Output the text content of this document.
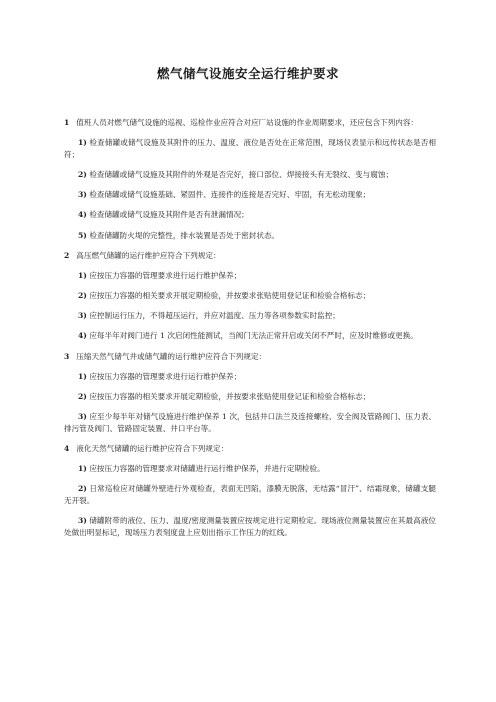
燃气储气设施安全运行维护要求

1 值班人员对燃气储气设施的巡视、巡检作业应符合对应厂站设施的作业周期要求，还应包含下列内容：

1) 检查储罐或储气设施及其附件的压力、温度、液位是否处在正常范围，现场仪表显示和远传状态是否相符；

2) 检查储罐或储气设施及其附件的外观是否完好，接口部位、焊接接头有无裂纹、变与腐蚀；

3) 检查储罐或储气设施基础、紧固件、连接件的连接是否完好、牢固，有无松动现象；

4) 检查储罐或储气设施及其附件是否有泄漏情况；

5) 检查储罐防火堤的完整性，排水装置是否处于密封状态。

2 高压燃气储罐的运行维护应符合下列规定：

1) 应按压力容器的管理要求进行运行维护保养；

2) 应按压力容器的相关要求开展定期检验，并按要求张贴使用登记证和检验合格标志；

3) 应控制运行压力，不得超压运行，并应对温度、压力等各项参数实时监控；

4) 应每半年对阀门进行 1 次启闭性能测试，当阀门无法正常开启或关闭不严时，应及时维修或更换。

3 压缩天然气储气井或储气罐的运行维护应符合下列规定：

1) 应按压力容器的管理要求进行运行维护保养；

2) 应按压力容器的相关要求开展定期检验，并按要求张贴使用登记证和检验合格标志；

3) 应至少每半年对储气设施进行维护保养 1 次，包括井口法兰及连接螺栓、安全阀及管路阀门、压力表、排污管及阀门、管路固定装置、井口平台等。

4 液化天然气储罐的运行维护应符合下列规定：

1) 应按压力容器的管理要求对储罐进行运行维护保养，并进行定期检验。

2) 日常巡检应对储罐外壁进行外观检查，表面无凹陷，漆膜无脱落，无结露“冒汗”、结霜现象，储罐支腿无开裂。

3) 储罐附带的液位、压力、温度/密度测量装置应按规定进行定期检定。现场液位测量装置应在其最高液位处做出明显标记，现场压力表刻度盘上应划出指示工作压力的红线。
